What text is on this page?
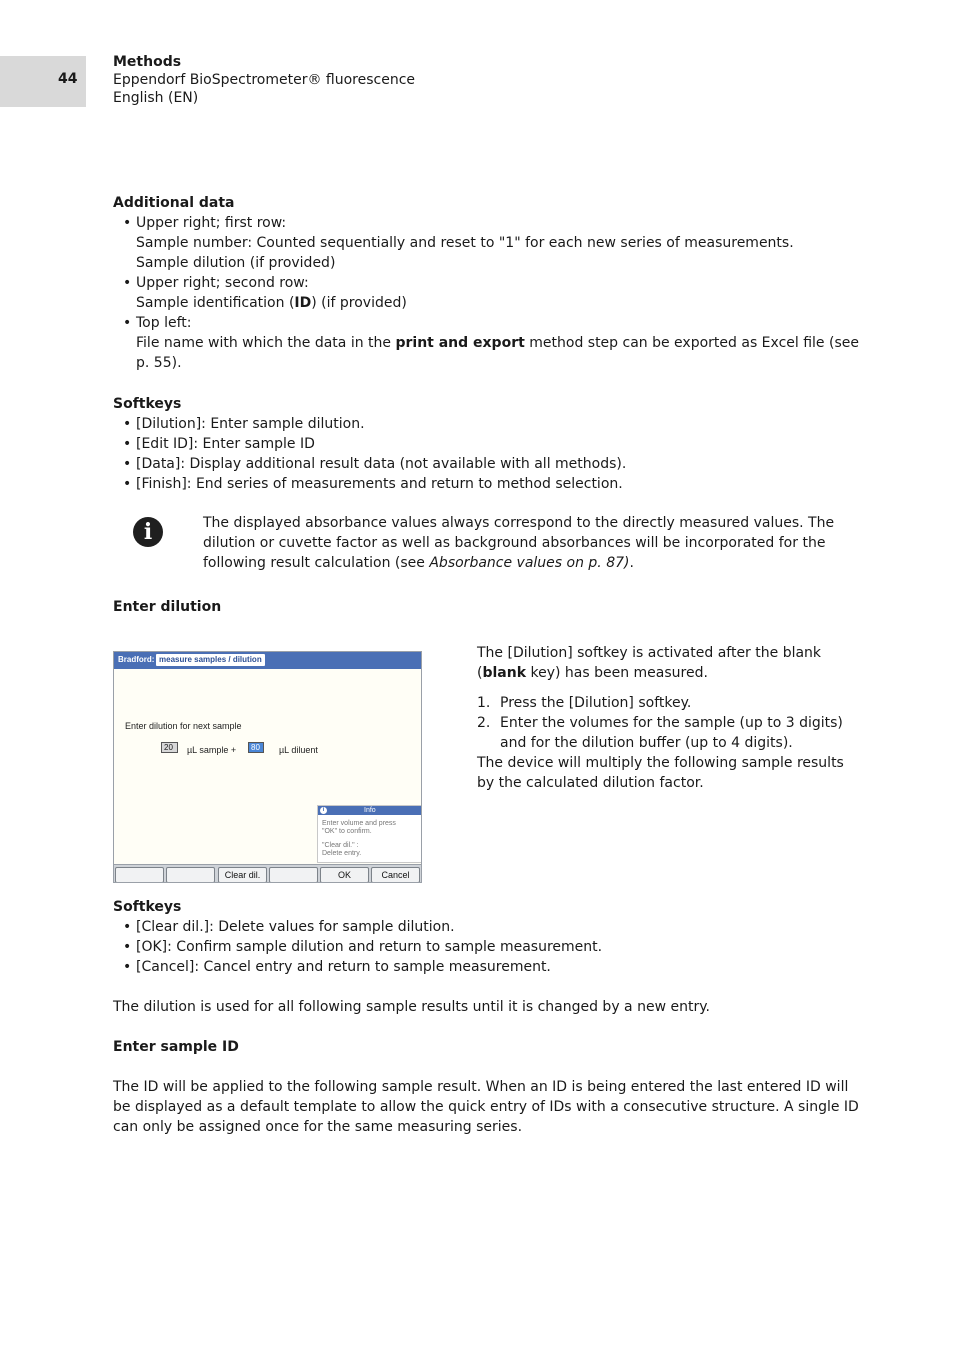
44
Methods
Eppendorf BioSpectrometer® fluorescence
English (EN)
Additional data
• Upper right; first row:
Sample number: Counted sequentially and reset to "1" for each new series of measurements.
Sample dilution (if provided)
• Upper right; second row:
Sample identification (ID) (if provided)
• Top left:
File name with which the data in the print and export method step can be exported as Excel file (see
p. 55).
Softkeys
• [Dilution]: Enter sample dilution.
• [Edit ID]: Enter sample ID
• [Data]: Display additional result data (not available with all methods).
• [Finish]: End series of measurements and return to method selection.
i	The displayed absorbance values always correspond to the directly measured values. The
dilution or cuvette factor as well as background absorbances will be incorporated for the
following result calculation (see Absorbance values on p. 87).
Enter dilution
Bradford: measure samples / dilution
Enter dilution for next sample
20	µL sample +	80	µL diluent
i	Info
Enter volume and press
"OK" to confirm.
"Clear dil." :
Delete entry.
Clear dil.	OK	Cancel
The [Dilution] softkey is activated after the blank
(blank key) has been measured.
1. Press the [Dilution] softkey.
2. Enter the volumes for the sample (up to 3 digits)
and for the dilution buffer (up to 4 digits).
The device will multiply the following sample results
by the calculated dilution factor.
Softkeys
• [Clear dil.]: Delete values for sample dilution.
• [OK]: Confirm sample dilution and return to sample measurement.
• [Cancel]: Cancel entry and return to sample measurement.
The dilution is used for all following sample results until it is changed by a new entry.
Enter sample ID
The ID will be applied to the following sample result. When an ID is being entered the last entered ID will
be displayed as a default template to allow the quick entry of IDs with a consecutive structure. A single ID
can only be assigned once for the same measuring series.
